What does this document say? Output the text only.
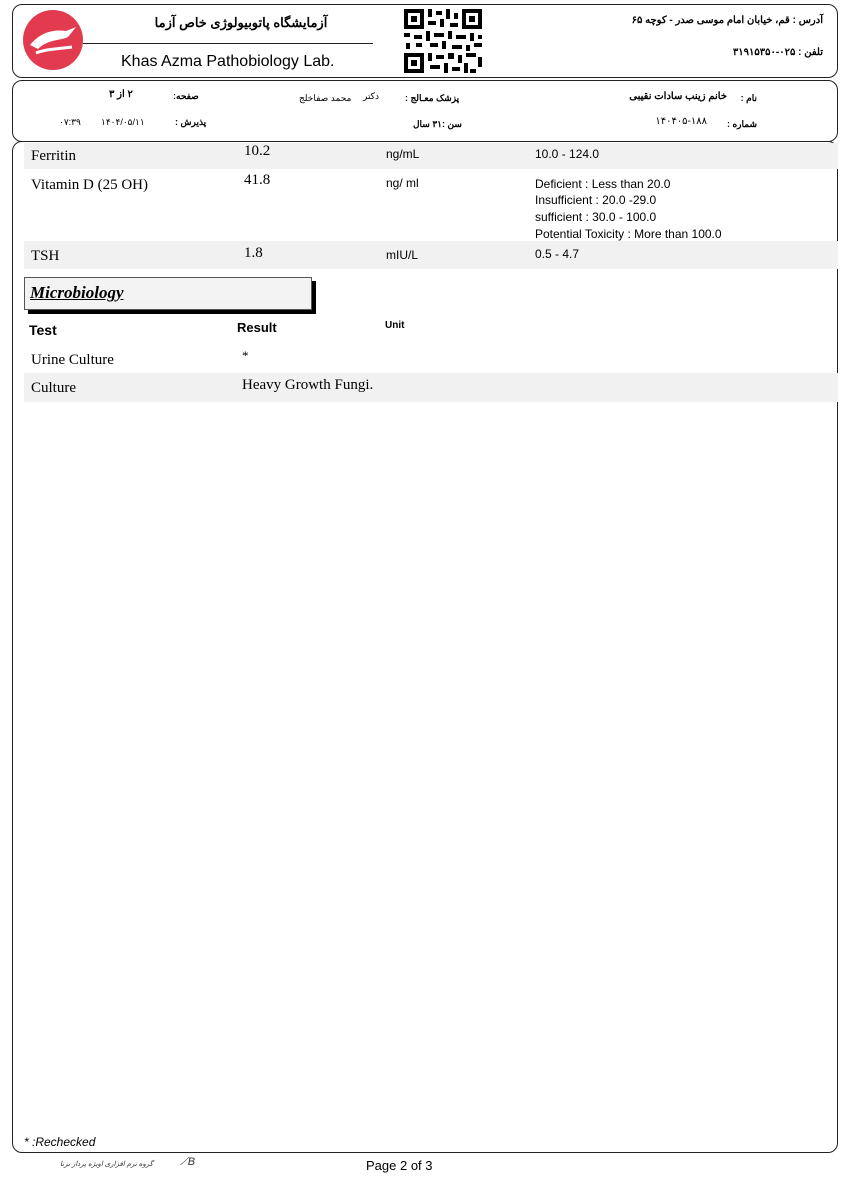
آزمایشگاه پاتوبیولوژی خاص آزما
Khas Azma Pathobiology Lab.
آدرس : قم، خیابان امام موسی صدر - کوچه ۶۵
تلفن : ۰۲۵-۳۱۹۱۵۳۵۰
صفحه:
۲ از ۳
پذیرش :
۱۴۰۴/۰۵/۱۱
۰۷:۳۹
پزشک معـالج :
دکتر
محمد صفاخلج
سن :۳۱ سال
نام :
خانم زینب سادات نقیبی
شماره :
۱۴۰۴۰۵-۱۸۸
Ferritin	10.2	ng/mL	10.0 - 124.0
Vitamin D (25 OH)	41.8	ng/ ml	Deficient : Less than 20.0
Insufficient : 20.0 -29.0
sufficient : 30.0 - 100.0
Potential Toxicity : More than 100.0
TSH	1.8	mIU/L	0.5 - 4.7
Microbiology
Test	Result	Unit
Urine Culture	*
Culture	Heavy Growth Fungi.
* :Rechecked
گروه نرم افزاری اویژه پرداز بزنا ⟋B	Page 2 of 3
